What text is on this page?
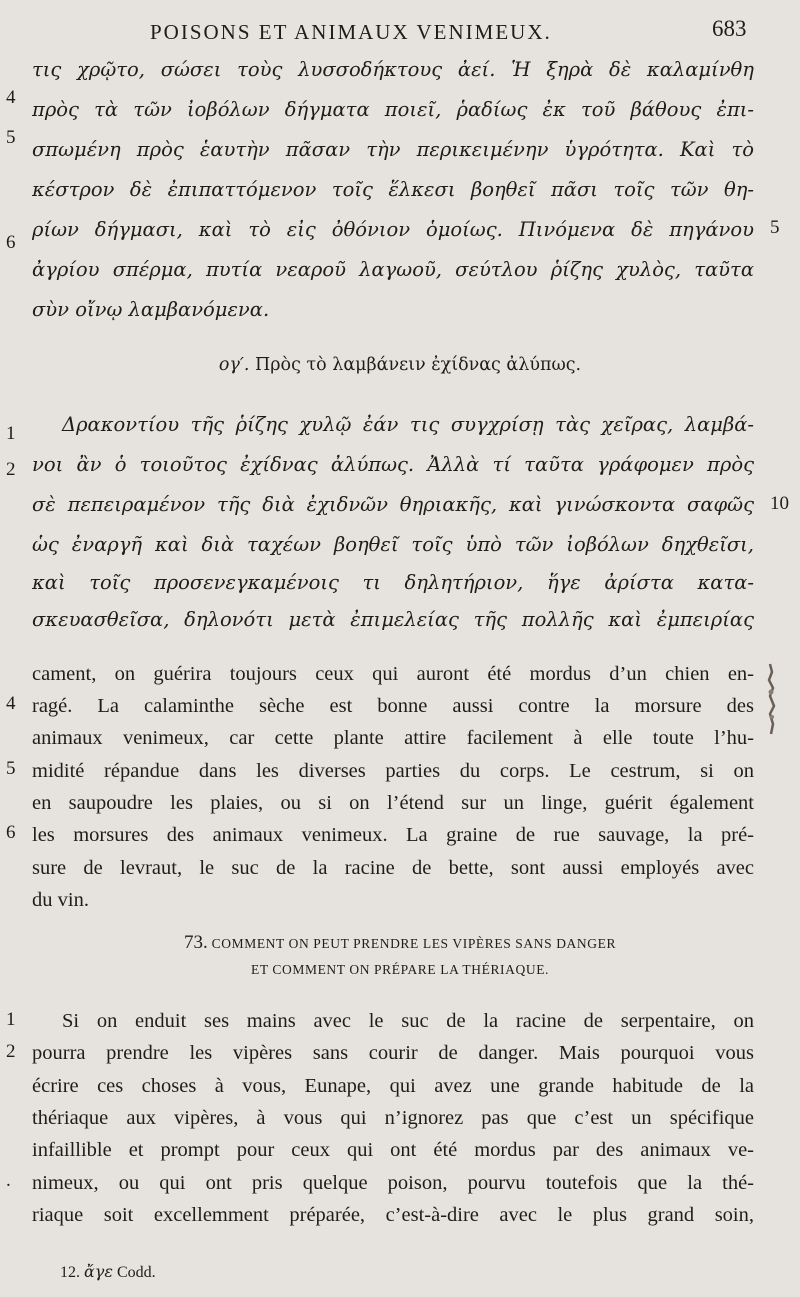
POISONS ET ANIMAUX VENIMEUX.	683
τις χρῷτο, σώσει τοὺς λυσσοδήκτους ἀεί. Ἡ ξηρὰ δὲ καλαμίνθη
πρὸς τὰ τῶν ἰοβόλων δήγματα ποιεῖ, ῥαδίως ἐκ τοῦ βάθους ἐπι-
σπωμένη πρὸς ἑαυτὴν πᾶσαν τὴν περικειμένην ὑγρότητα. Καὶ τὸ
κέστρον δὲ ἐπιπαττόμενον τοῖς ἕλκεσι βοηθεῖ πᾶσι τοῖς τῶν θη-
ρίων δήγμασι, καὶ τὸ εἰς ὀθόνιον ὁμοίως. Πινόμενα δὲ πηγάνου
ἀγρίου σπέρμα, πυτία νεαροῦ λαγωοῦ, σεύτλου ῥίζης χυλὸς, ταῦτα
σὺν οἴνῳ λαμβανόμενα.
4
5
6
5
ογ′. Πρὸς τὸ λαμβάνειν ἐχίδνας ἀλύπως.
Δρακοντίου τῆς ῥίζης χυλῷ ἐάν τις συγχρίσῃ τὰς χεῖρας, λαμβά-
νοι ἂν ὁ τοιοῦτος ἐχίδνας ἀλύπως. Ἀλλὰ τί ταῦτα γράφομεν πρὸς
σὲ πεπειραμένον τῆς διὰ ἐχιδνῶν θηριακῆς, καὶ γινώσκοντα σαφῶς
ὡς ἐναργῆ καὶ διὰ ταχέων βοηθεῖ τοῖς ὑπὸ τῶν ἰοβόλων δηχθεῖσι,
καὶ τοῖς προσενεγκαμένοις τι δηλητήριον, ἥγε ἀρίστα κατα-
σκευασθεῖσα, δηλονότι μετὰ ἐπιμελείας τῆς πολλῆς καὶ ἐμπειρίας
1
2
10
cament, on guérira toujours ceux qui auront été mordus d’un chien en-
ragé. La calaminthe sèche est bonne aussi contre la morsure des
animaux venimeux, car cette plante attire facilement à elle toute l’hu-
midité répandue dans les diverses parties du corps. Le cestrum, si on
en saupoudre les plaies, ou si on l’étend sur un linge, guérit également
les morsures des animaux venimeux. La graine de rue sauvage, la pré-
sure de levraut, le suc de la racine de bette, sont aussi employés avec
du vin.
4
5
6
73. COMMENT ON PEUT PRENDRE LES VIPÈRES SANS DANGER
ET COMMENT ON PRÉPARE LA THÉRIAQUE.
Si on enduit ses mains avec le suc de la racine de serpentaire, on
pourra prendre les vipères sans courir de danger. Mais pourquoi vous
écrire ces choses à vous, Eunape, qui avez une grande habitude de la
thériaque aux vipères, à vous qui n’ignorez pas que c’est un spécifique
infaillible et prompt pour ceux qui ont été mordus par des animaux ve-
nimeux, ou qui ont pris quelque poison, pourvu toutefois que la thé-
riaque soit excellemment préparée, c’est-à-dire avec le plus grand soin,
1
2
.
12. ἄγε Codd.
